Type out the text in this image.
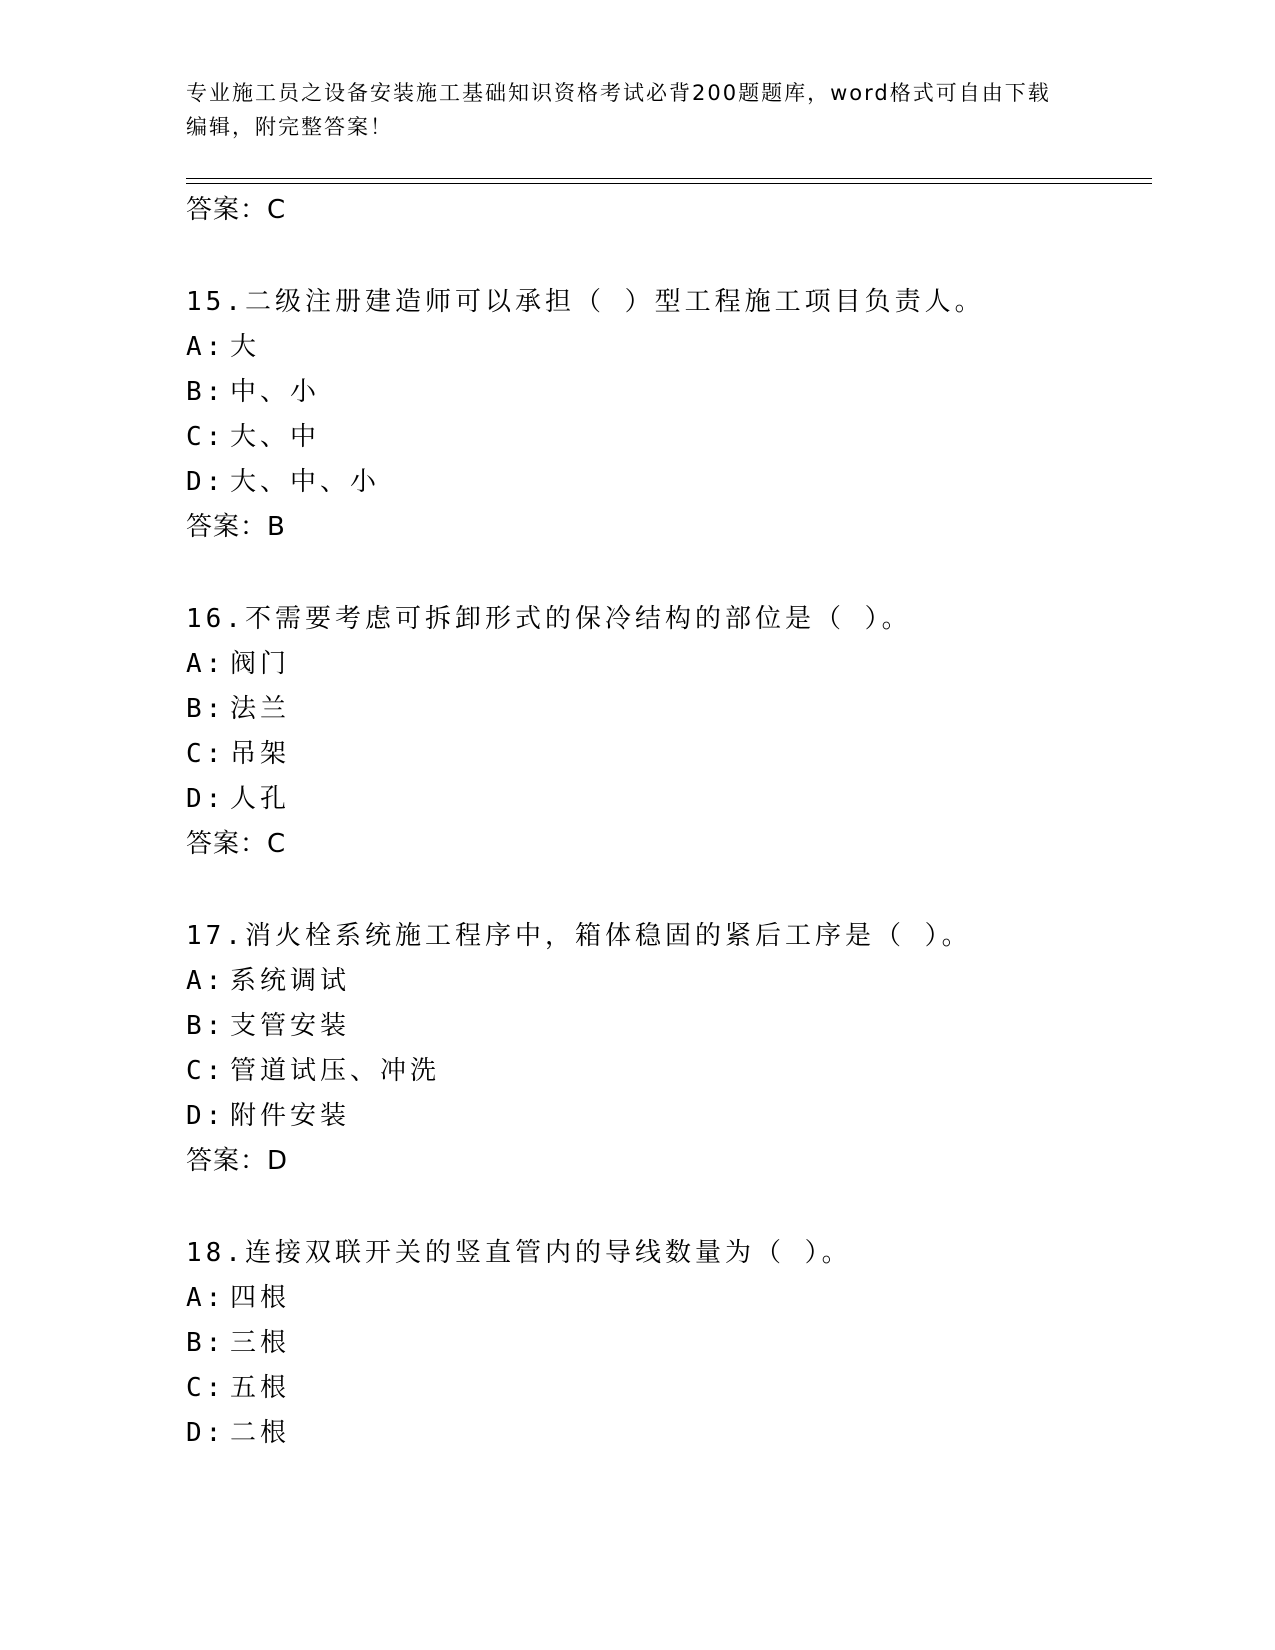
专业施工员之设备安装施工基础知识资格考试必背200题题库，word格式可自由下载编辑，附完整答案！
答案：C
15.二级注册建造师可以承担（ ）型工程施工项目负责人。
A: 大
B: 中、小
C: 大、中
D: 大、中、小
答案：B
16.不需要考虑可拆卸形式的保冷结构的部位是（ ）。
A: 阀门
B: 法兰
C: 吊架
D: 人孔
答案：C
17.消火栓系统施工程序中，箱体稳固的紧后工序是（ ）。
A: 系统调试
B: 支管安装
C: 管道试压、冲洗
D: 附件安装
答案：D
18.连接双联开关的竖直管内的导线数量为（ ）。
A: 四根
B: 三根
C: 五根
D: 二根
